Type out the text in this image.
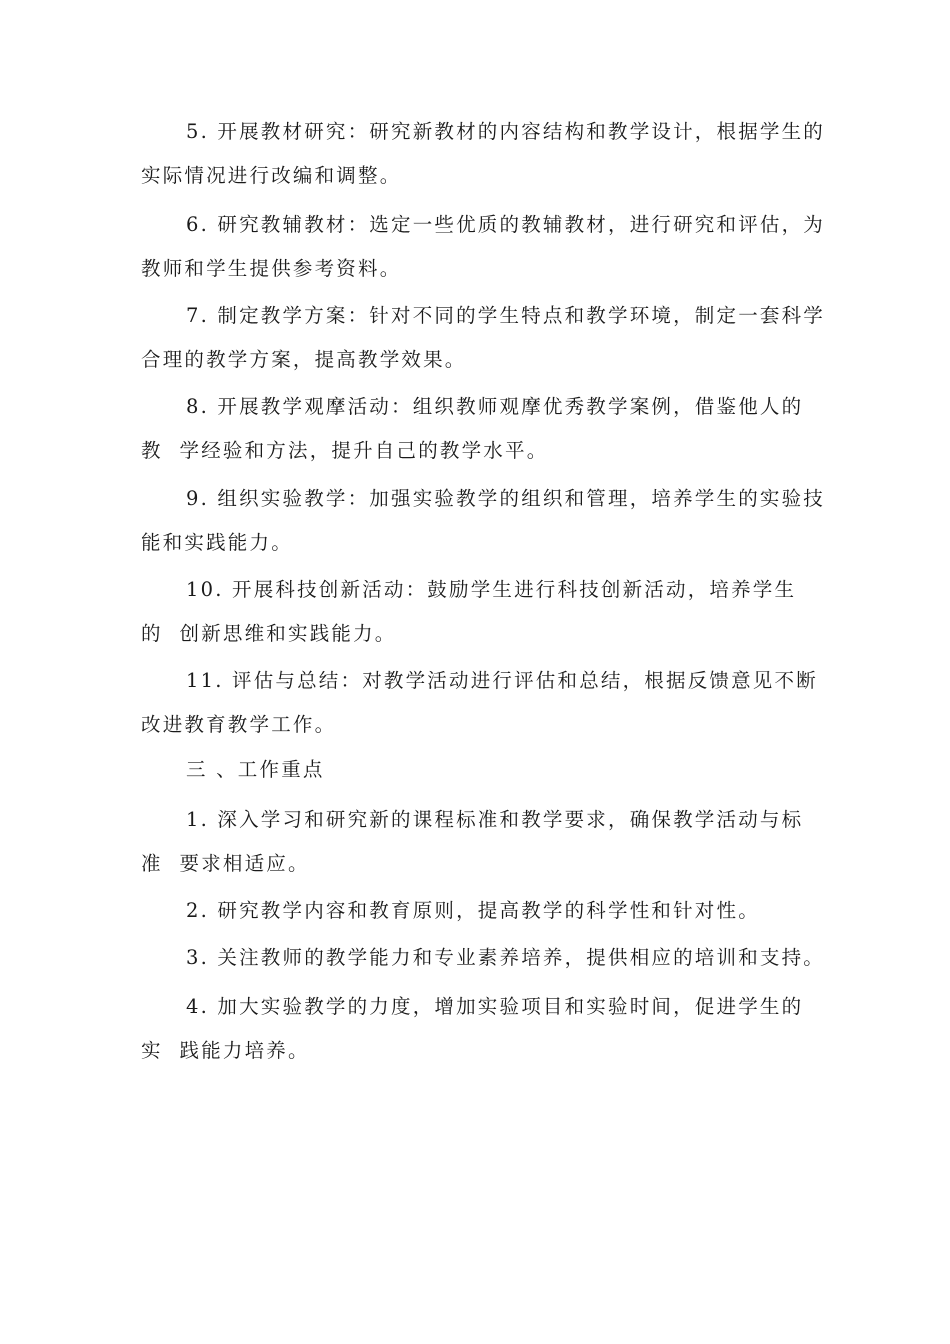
5. 开展教材研究：研究新教材的内容结构和教学设计，根据学生的

实际情况进行改编和调整。

6. 研究教辅教材：选定一些优质的教辅教材，进行研究和评估，为

教师和学生提供参考资料。

7. 制定教学方案：针对不同的学生特点和教学环境，制定一套科学

合理的教学方案，提高教学效果。

8. 开展教学观摩活动：组织教师观摩优秀教学案例，借鉴他人的

教  学经验和方法，提升自己的教学水平。

9. 组织实验教学：加强实验教学的组织和管理，培养学生的实验技

能和实践能力。

10. 开展科技创新活动：鼓励学生进行科技创新活动，培养学生

的  创新思维和实践能力。

11. 评估与总结：对教学活动进行评估和总结，根据反馈意见不断

改进教育教学工作。

三 、工作重点

1. 深入学习和研究新的课程标准和教学要求，确保教学活动与标

准  要求相适应。

2. 研究教学内容和教育原则，提高教学的科学性和针对性。

3. 关注教师的教学能力和专业素养培养，提供相应的培训和支持。

4. 加大实验教学的力度，增加实验项目和实验时间，促进学生的

实  践能力培养。
